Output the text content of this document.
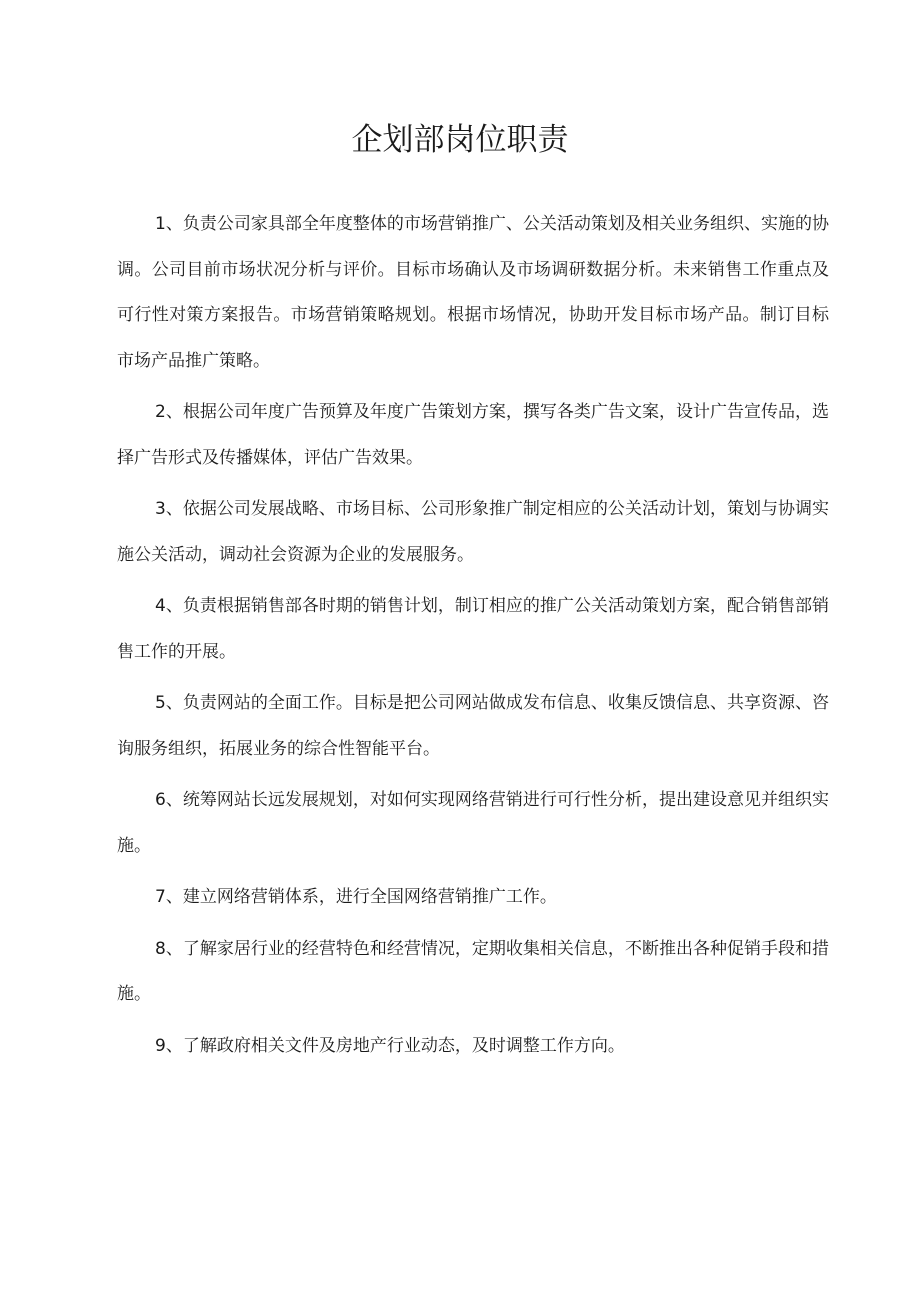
企划部岗位职责

1、负责公司家具部全年度整体的市场营销推广、公关活动策划及相关业务组织、实施的协调。公司目前市场状况分析与评价。目标市场确认及市场调研数据分析。未来销售工作重点及可行性对策方案报告。市场营销策略规划。根据市场情况，协助开发目标市场产品。制订目标市场产品推广策略。

2、根据公司年度广告预算及年度广告策划方案，撰写各类广告文案，设计广告宣传品，选择广告形式及传播媒体，评估广告效果。

3、依据公司发展战略、市场目标、公司形象推广制定相应的公关活动计划，策划与协调实施公关活动，调动社会资源为企业的发展服务。

4、负责根据销售部各时期的销售计划，制订相应的推广公关活动策划方案，配合销售部销售工作的开展。

5、负责网站的全面工作。目标是把公司网站做成发布信息、收集反馈信息、共享资源、咨询服务组织，拓展业务的综合性智能平台。

6、统筹网站长远发展规划，对如何实现网络营销进行可行性分析，提出建设意见并组织实施。

7、建立网络营销体系，进行全国网络营销推广工作。

8、了解家居行业的经营特色和经营情况，定期收集相关信息，不断推出各种促销手段和措施。

9、了解政府相关文件及房地产行业动态，及时调整工作方向。
